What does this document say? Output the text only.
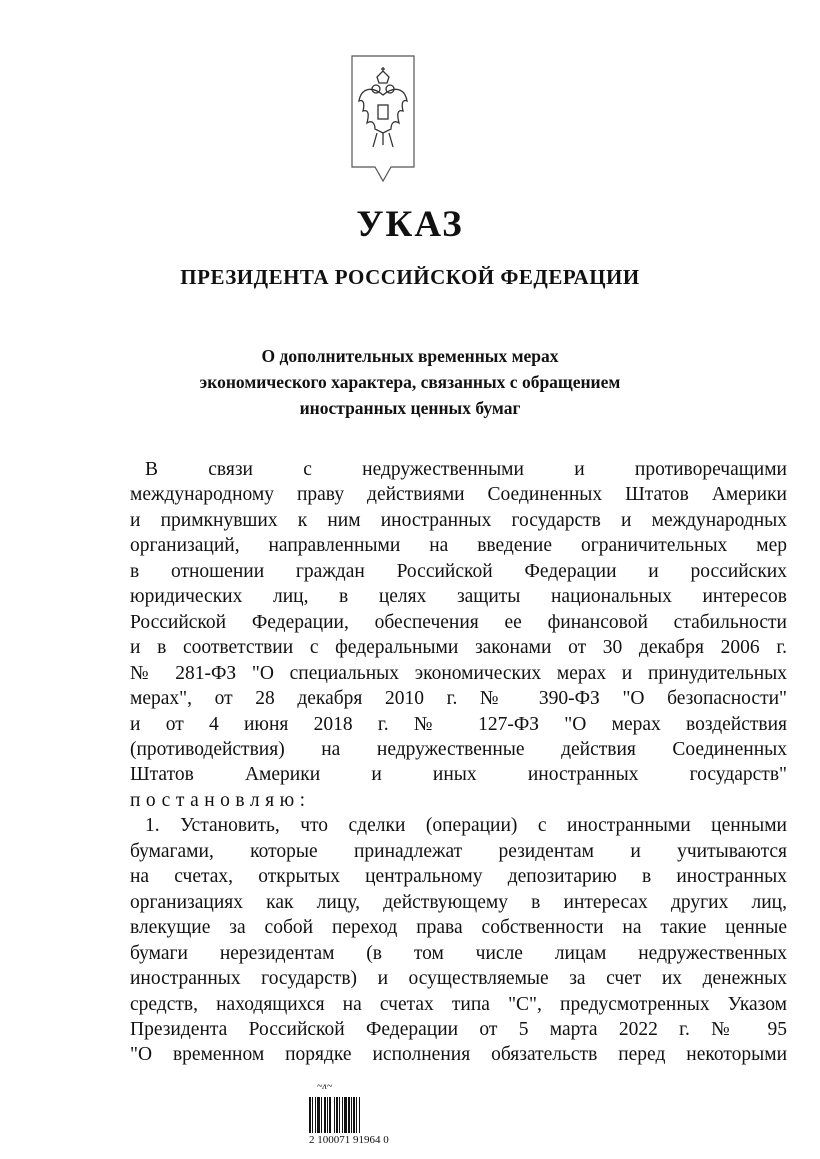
УКАЗ
ПРЕЗИДЕНТА РОССИЙСКОЙ ФЕДЕРАЦИИ
О дополнительных временных мерах
экономического характера, связанных с обращением
иностранных ценных бумаг
В связи с недружественными и противоречащими
международному праву действиями Соединенных Штатов Америки
и примкнувших к ним иностранных государств и международных
организаций, направленными на введение ограничительных мер
в отношении граждан Российской Федерации и российских
юридических лиц, в целях защиты национальных интересов
Российской Федерации, обеспечения ее финансовой стабильности
и в соответствии с федеральными законами от 30 декабря 2006 г.
№ 281-ФЗ "О специальных экономических мерах и принудительных
мерах", от 28 декабря 2010 г. № 390-ФЗ "О безопасности"
и от 4 июня 2018 г. № 127-ФЗ "О мерах воздействия
(противодействия) на недружественные действия Соединенных
Штатов Америки и иных иностранных государств"
постановляю:
1. Установить, что сделки (операции) с иностранными ценными
бумагами, которые принадлежат резидентам и учитываются
на счетах, открытых центральному депозитарию в иностранных
организациях как лицу, действующему в интересах других лиц,
влекущие за собой переход права собственности на такие ценные
бумаги нерезидентам (в том числе лицам недружественных
иностранных государств) и осуществляемые за счет их денежных
средств, находящихся на счетах типа "С", предусмотренных Указом
Президента Российской Федерации от 5 марта 2022 г. № 95
"О временном порядке исполнения обязательств перед некоторыми
~ʌ~
2 100071 91964 0
